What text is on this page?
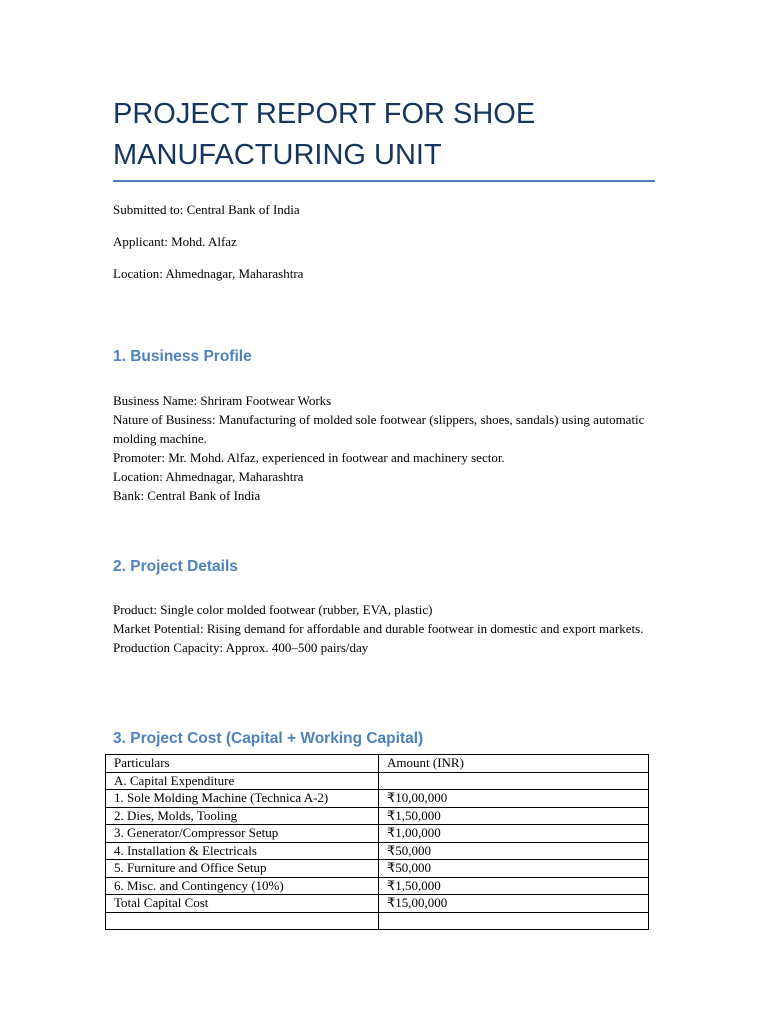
PROJECT REPORT FOR SHOE MANUFACTURING UNIT

Submitted to: Central Bank of India

Applicant: Mohd. Alfaz

Location: Ahmednagar, Maharashtra

1. Business Profile

Business Name: Shriram Footwear Works

Nature of Business: Manufacturing of molded sole footwear (slippers, shoes, sandals) using automatic molding machine.

Promoter: Mr. Mohd. Alfaz, experienced in footwear and machinery sector.

Location: Ahmednagar, Maharashtra

Bank: Central Bank of India

2. Project Details

Product: Single color molded footwear (rubber, EVA, plastic)

Market Potential: Rising demand for affordable and durable footwear in domestic and export markets.

Production Capacity: Approx. 400–500 pairs/day

3. Project Cost (Capital + Working Capital)
Particulars	Amount (INR)
A. Capital Expenditure	
1. Sole Molding Machine (Technica A-2)	₹10,00,000
2. Dies, Molds, Tooling	₹1,50,000
3. Generator/Compressor Setup	₹1,00,000
4. Installation & Electricals	₹50,000
5. Furniture and Office Setup	₹50,000
6. Misc. and Contingency (10%)	₹1,50,000
Total Capital Cost	₹15,00,000
